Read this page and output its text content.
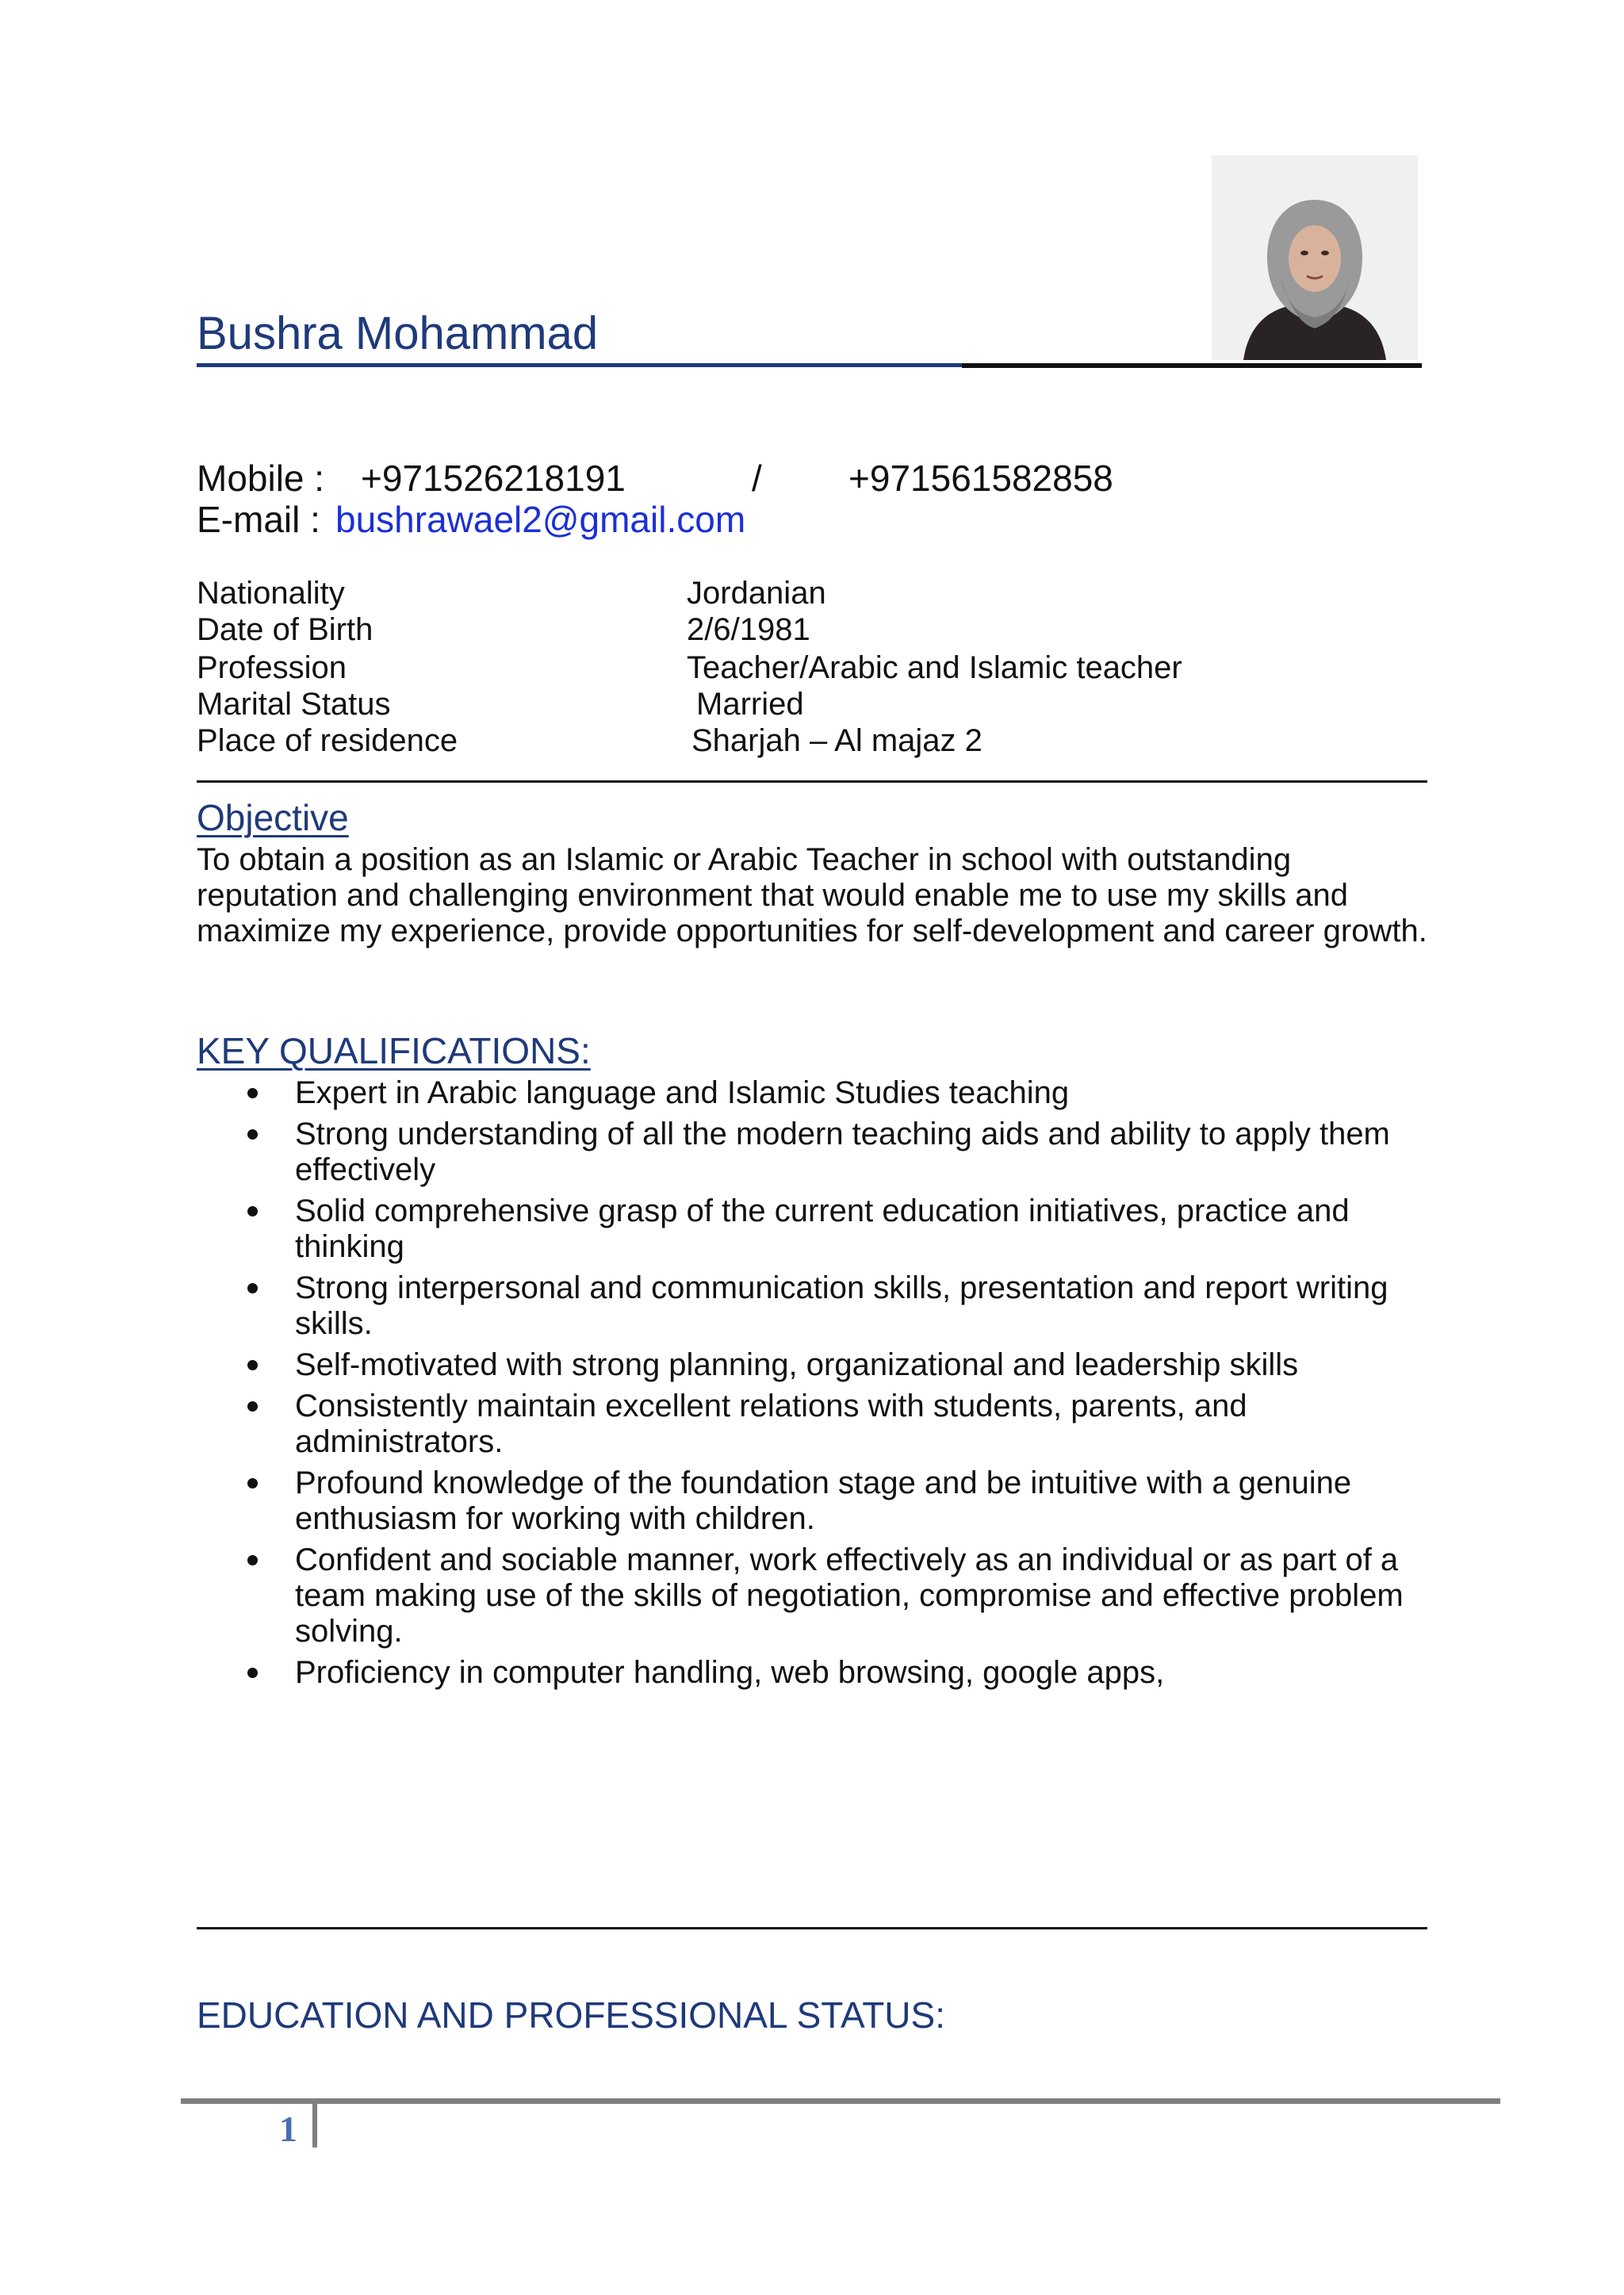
Bushra Mohammad
Mobile : +971526218191	/ +971561582858
E-mail : bushrawael2@gmail.com
Nationality	Jordanian
Date of Birth	2/6/1981
Profession	Teacher/Arabic and Islamic teacher
Marital Status	Married
Place of residence	Sharjah – Al majaz 2
Objective
To obtain a position as an Islamic or Arabic Teacher in school with outstanding
reputation and challenging environment that would enable me to use my skills and
maximize my experience, provide opportunities for self-development and career growth.
KEY QUALIFICATIONS:
Expert in Arabic language and Islamic Studies teaching
Strong understanding of all the modern teaching aids and ability to apply them effectively
Solid comprehensive grasp of the current education initiatives, practice and thinking
Strong interpersonal and communication skills, presentation and report writing skills.
Self-motivated with strong planning, organizational and leadership skills
Consistently maintain excellent relations with students, parents, and administrators.
Profound knowledge of the foundation stage and be intuitive with a genuine enthusiasm for working with children.
Confident and sociable manner, work effectively as an individual or as part of a team making use of the skills of negotiation, compromise and effective problem solving.
Proficiency in computer handling, web browsing, google apps,
EDUCATION AND PROFESSIONAL STATUS:
1
